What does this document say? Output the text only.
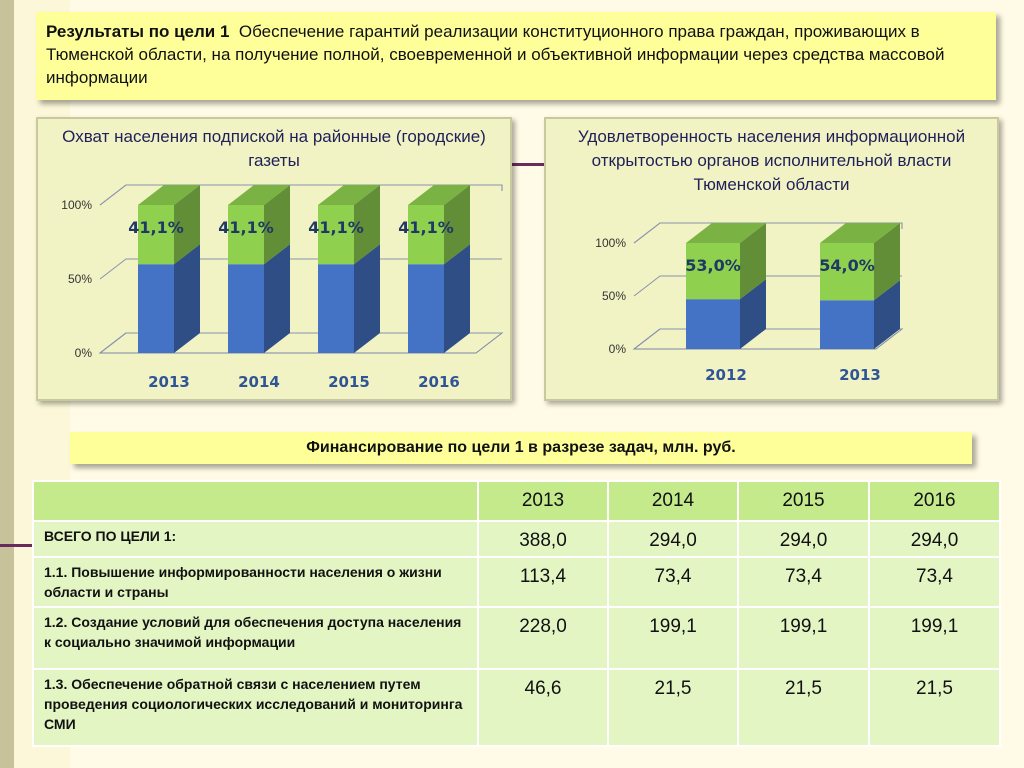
Результаты по цели 1 Обеспечение гарантий реализации конституционного права граждан, проживающих в Тюменской области, на получение полной, своевременной и объективной информации через средства массовой информации
Охват населения подпиской на районные (городские) газеты
0%
50%
100%
41,1%
2013
41,1%
2014
41,1%
2015
41,1%
2016
Удовлетворенность населения информационной открытостью органов исполнительной власти Тюменской области
0%
50%
100%
53,0%
2012
54,0%
2013
Финансирование по цели 1 в разрезе задач, млн. руб.
	2013	2014	2015	2016
ВСЕГО ПО ЦЕЛИ 1:	388,0	294,0	294,0	294,0
1.1. Повышение информированности населения о жизни области и страны	113,4	73,4	73,4	73,4
1.2. Создание условий для обеспечения доступа населения к социально значимой информации	228,0	199,1	199,1	199,1
1.3. Обеспечение обратной связи с населением путем проведения социологических исследований и мониторинга СМИ	46,6	21,5	21,5	21,5
